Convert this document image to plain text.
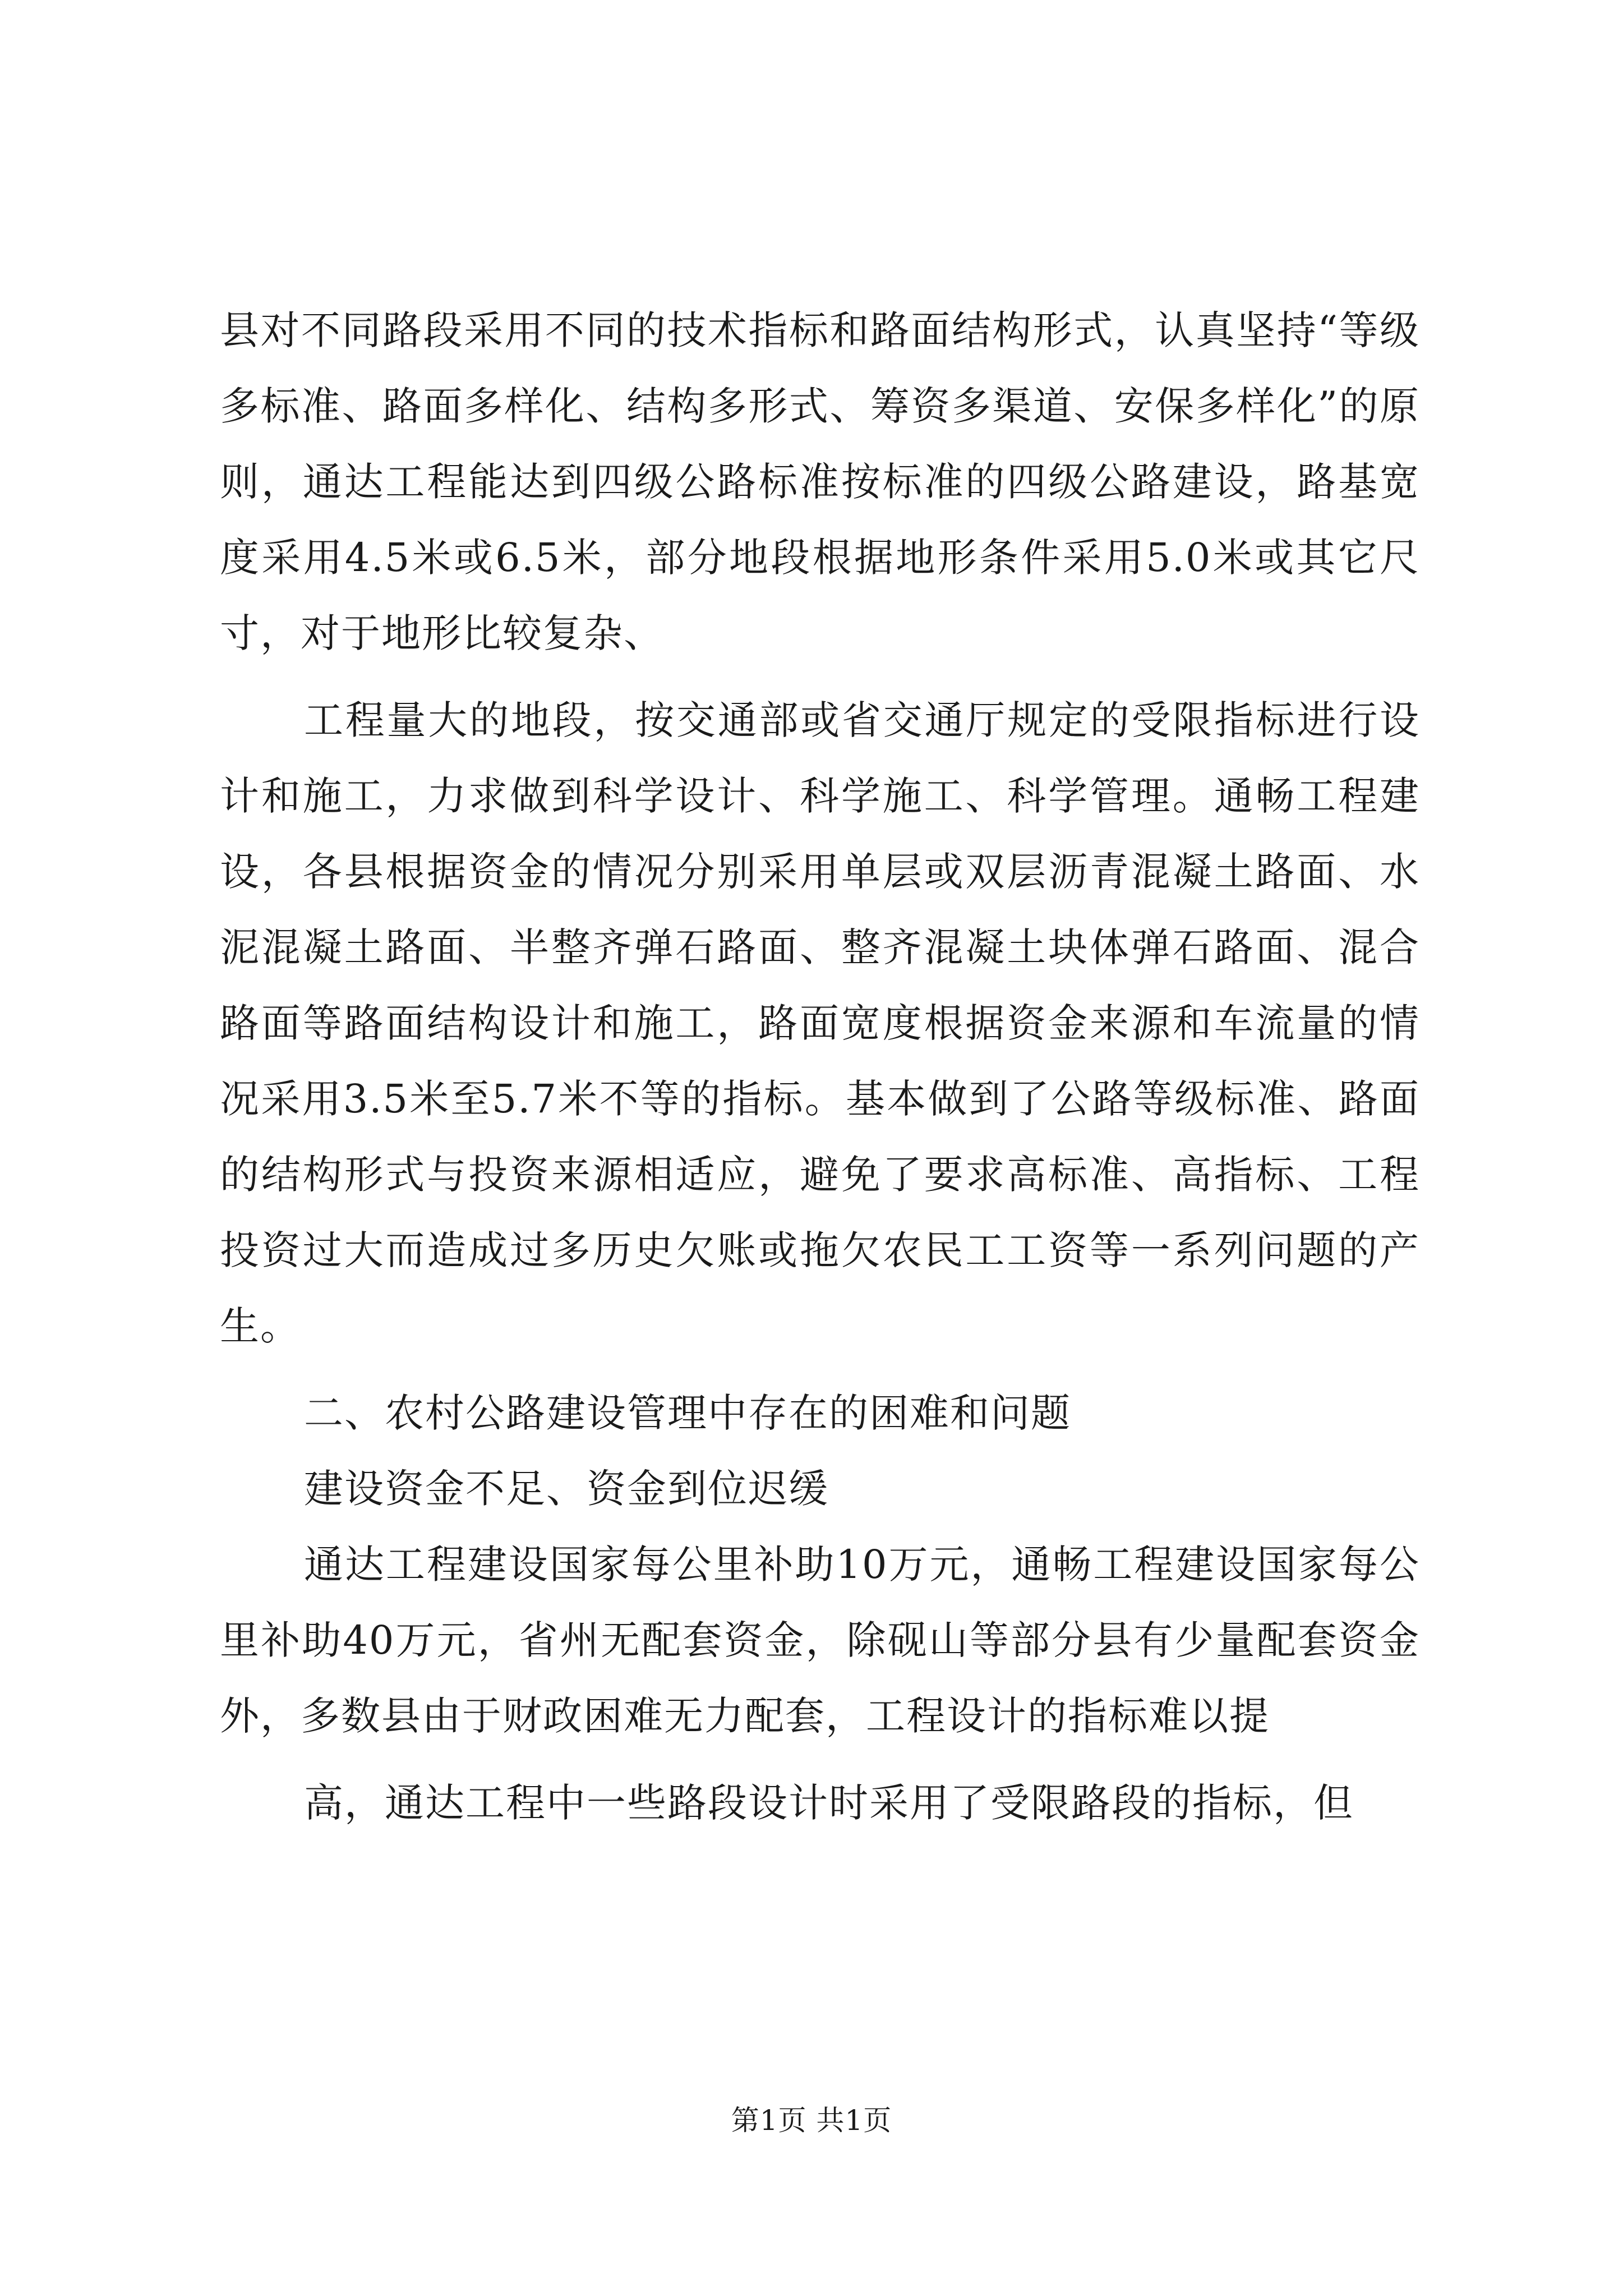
县对不同路段采用不同的技术指标和路面结构形式，认真坚持“等级多标准、路面多样化、结构多形式、筹资多渠道、安保多样化”的原则，通达工程能达到四级公路标准按标准的四级公路建设，路基宽度采用4.5米或6.5米，部分地段根据地形条件采用5.0米或其它尺寸，对于地形比较复杂、

工程量大的地段，按交通部或省交通厅规定的受限指标进行设计和施工，力求做到科学设计、科学施工、科学管理。通畅工程建设，各县根据资金的情况分别采用单层或双层沥青混凝土路面、水泥混凝土路面、半整齐弹石路面、整齐混凝土块体弹石路面、混合路面等路面结构设计和施工，路面宽度根据资金来源和车流量的情况采用3.5米至5.7米不等的指标。基本做到了公路等级标准、路面的结构形式与投资来源相适应，避免了要求高标准、高指标、工程投资过大而造成过多历史欠账或拖欠农民工工资等一系列问题的产生。

二、农村公路建设管理中存在的困难和问题

建设资金不足、资金到位迟缓

通达工程建设国家每公里补助10万元，通畅工程建设国家每公里补助40万元，省州无配套资金，除砚山等部分县有少量配套资金外，多数县由于财政困难无力配套，工程设计的指标难以提

高，通达工程中一些路段设计时采用了受限路段的指标，但

第1页 共1页
